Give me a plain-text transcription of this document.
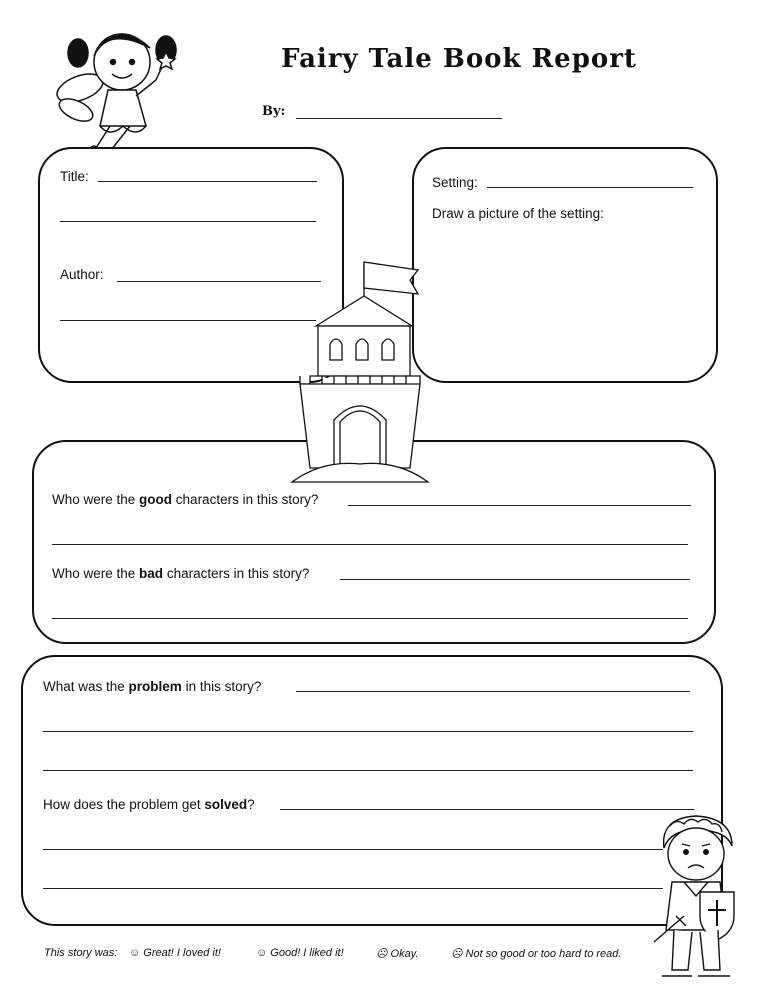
Fairy Tale Book Report
By:
Title:
Author:
Setting:
Draw a picture of the setting:
Who were the good characters in this story?
Who were the bad characters in this story?
What was the problem in this story?
How does the problem get solved?
This story was: ☺ Great! I loved it!	☺ Good! I liked it!	☹ Okay.	☹ Not so good or too hard to read.
